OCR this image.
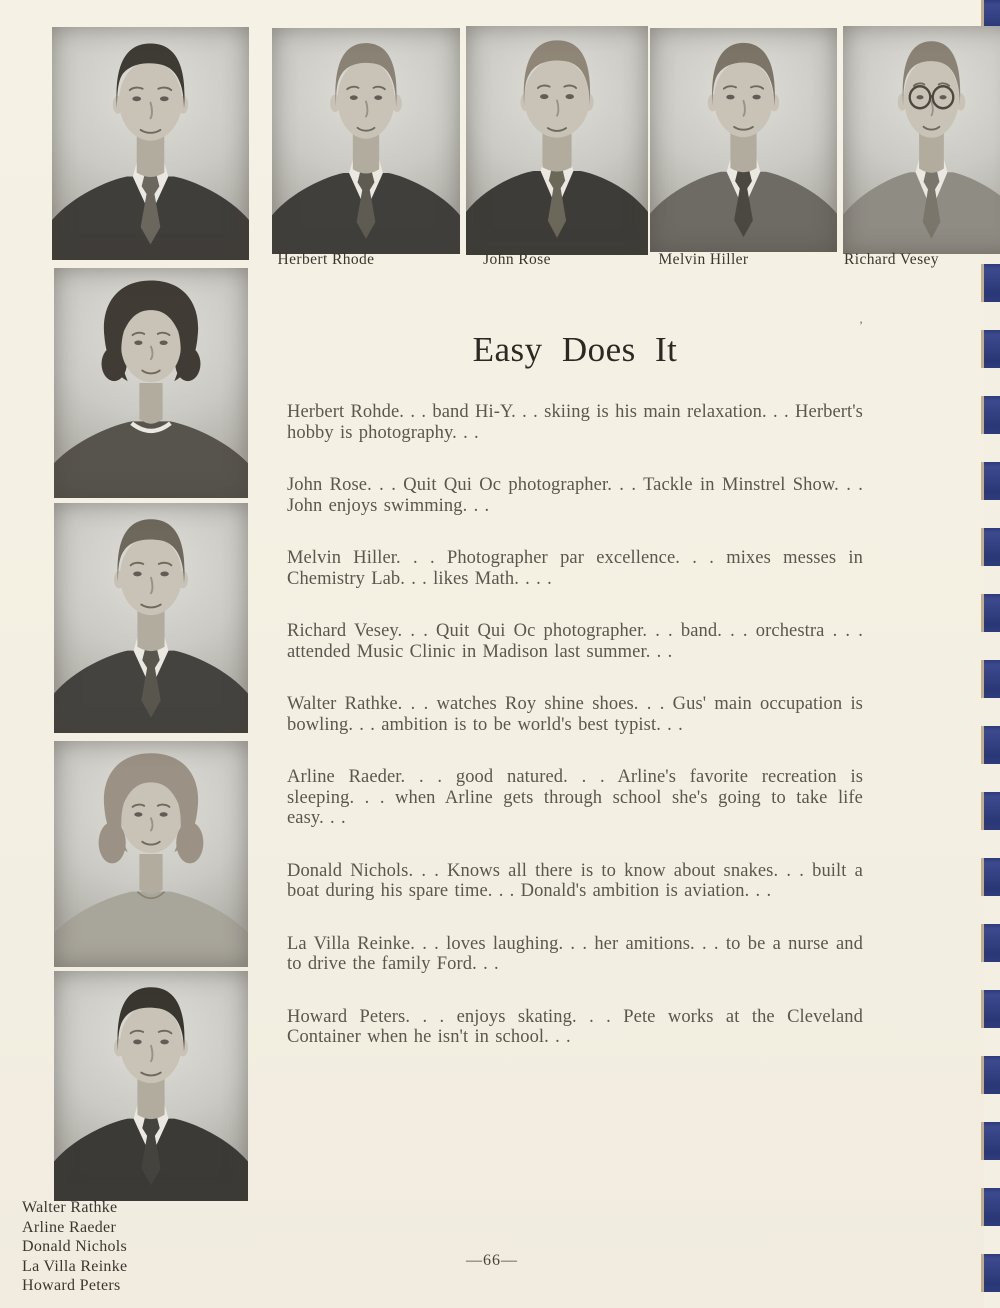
Herbert Rhode	John Rose	Melvin Hiller	Richard Vesey
’
Easy Does It

Herbert Rohde. . . band Hi-Y. . . skiing is his main relaxation. . . Herbert's hobby is photography. . .

John Rose. . . Quit Qui Oc photographer. . . Tackle in Minstrel Show. . . John enjoys swimming. . .

Melvin Hiller. . . Photographer par excellence. . . mixes messes in Chemistry Lab. . . likes Math. . . .

Richard Vesey. . . Quit Qui Oc photographer. . . band. . . orchestra . . . attended Music Clinic in Madison last summer. . .

Walter Rathke. . . watches Roy shine shoes. . . Gus' main occupation is bowling. . . ambition is to be world's best typist. . .

Arline Raeder. . . good natured. . . Arline's favorite recreation is sleeping. . . when Arline gets through school she's going to take life easy. . .

Donald Nichols. . . Knows all there is to know about snakes. . . built a boat during his spare time. . . Donald's ambition is aviation. . .

La Villa Reinke. . . loves laughing. . . her amitions. . . to be a nurse and to drive the family Ford. . .

Howard Peters. . . enjoys skating. . . Pete works at the Cleveland Container when he isn't in school. . .

Walter Rathke
Arline Raeder
Donald Nichols
La Villa Reinke
Howard Peters
—66—
